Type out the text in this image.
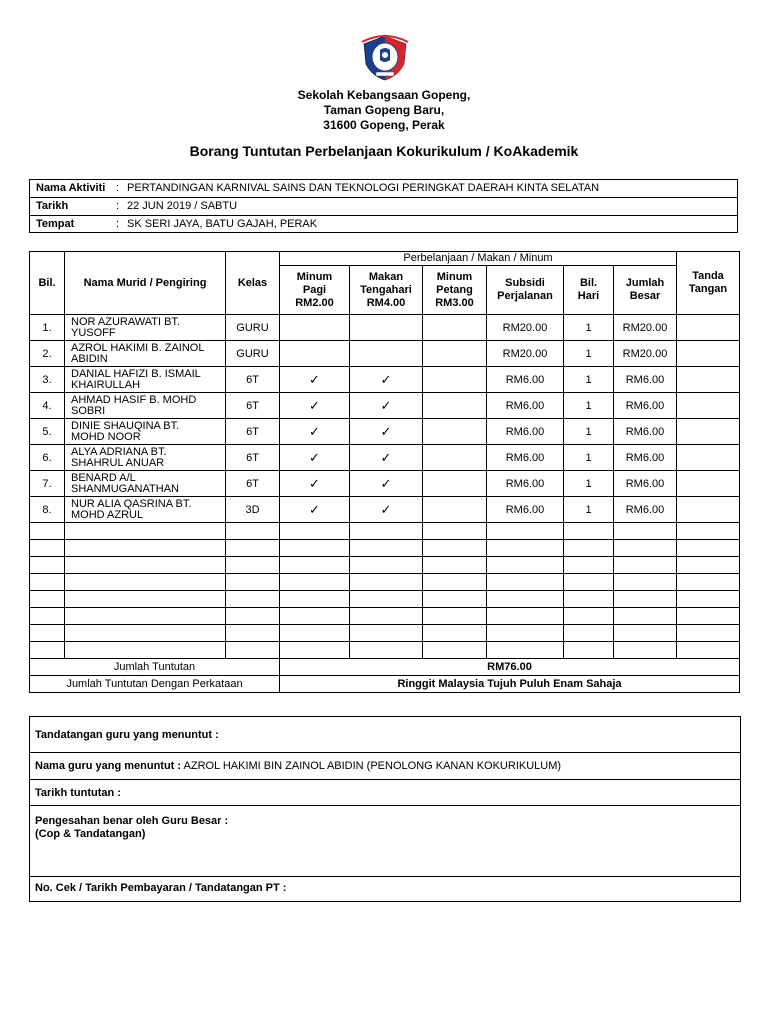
Sekolah Kebangsaan Gopeng,
Taman Gopeng Baru,
31600 Gopeng, Perak
Borang Tuntutan Perbelanjaan Kokurikulum / KoAkademik
Nama Aktiviti : PERTANDINGAN KARNIVAL SAINS DAN TEKNOLOGI PERINGKAT DAERAH KINTA SELATAN
Tarikh	: 22 JUN 2019 / SABTU
Tempat	: SK SERI JAYA, BATU GAJAH, PERAK
Bil.	Nama Murid / Pengiring	Kelas	Perbelanjaan / Makan / Minum						Tanda Tangan
			Minum Pagi RM2.00	Makan Tengahari RM4.00	Minum Petang RM3.00	Subsidi Perjalanan	Bil. Hari	Jumlah Besar	
1.	NOR AZURAWATI BT.
YUSOFF	GURU				RM20.00	1	RM20.00	
2.	AZROL HAKIMI B. ZAINOL
ABIDIN	GURU				RM20.00	1	RM20.00	
3.	DANIAL HAFIZI B. ISMAIL
KHAIRULLAH	6T	✓	✓		RM6.00	1	RM6.00	
4.	AHMAD HASIF B. MOHD
SOBRI	6T	✓	✓		RM6.00	1	RM6.00	
5.	DINIE SHAUQINA BT.
MOHD NOOR	6T	✓	✓		RM6.00	1	RM6.00	
6.	ALYA ADRIANA BT.
SHAHRUL ANUAR	6T	✓	✓		RM6.00	1	RM6.00	
7.	BENARD A/L
SHANMUGANATHAN	6T	✓	✓		RM6.00	1	RM6.00	
8.	NUR ALIA QASRINA BT.
MOHD AZRUL	3D	✓	✓		RM6.00	1	RM6.00	

Jumlah Tuntutan			RM76.00						
Jumlah Tuntutan Dengan Perkataan			Ringgit Malaysia Tujuh Puluh Enam Sahaja						
Tandatangan guru yang menuntut :
Nama guru yang menuntut : AZROL HAKIMI BIN ZAINOL ABIDIN (PENOLONG KANAN KOKURIKULUM)
Tarikh tuntutan :
Pengesahan benar oleh Guru Besar :
(Cop & Tandatangan)
No. Cek / Tarikh Pembayaran / Tandatangan PT :
